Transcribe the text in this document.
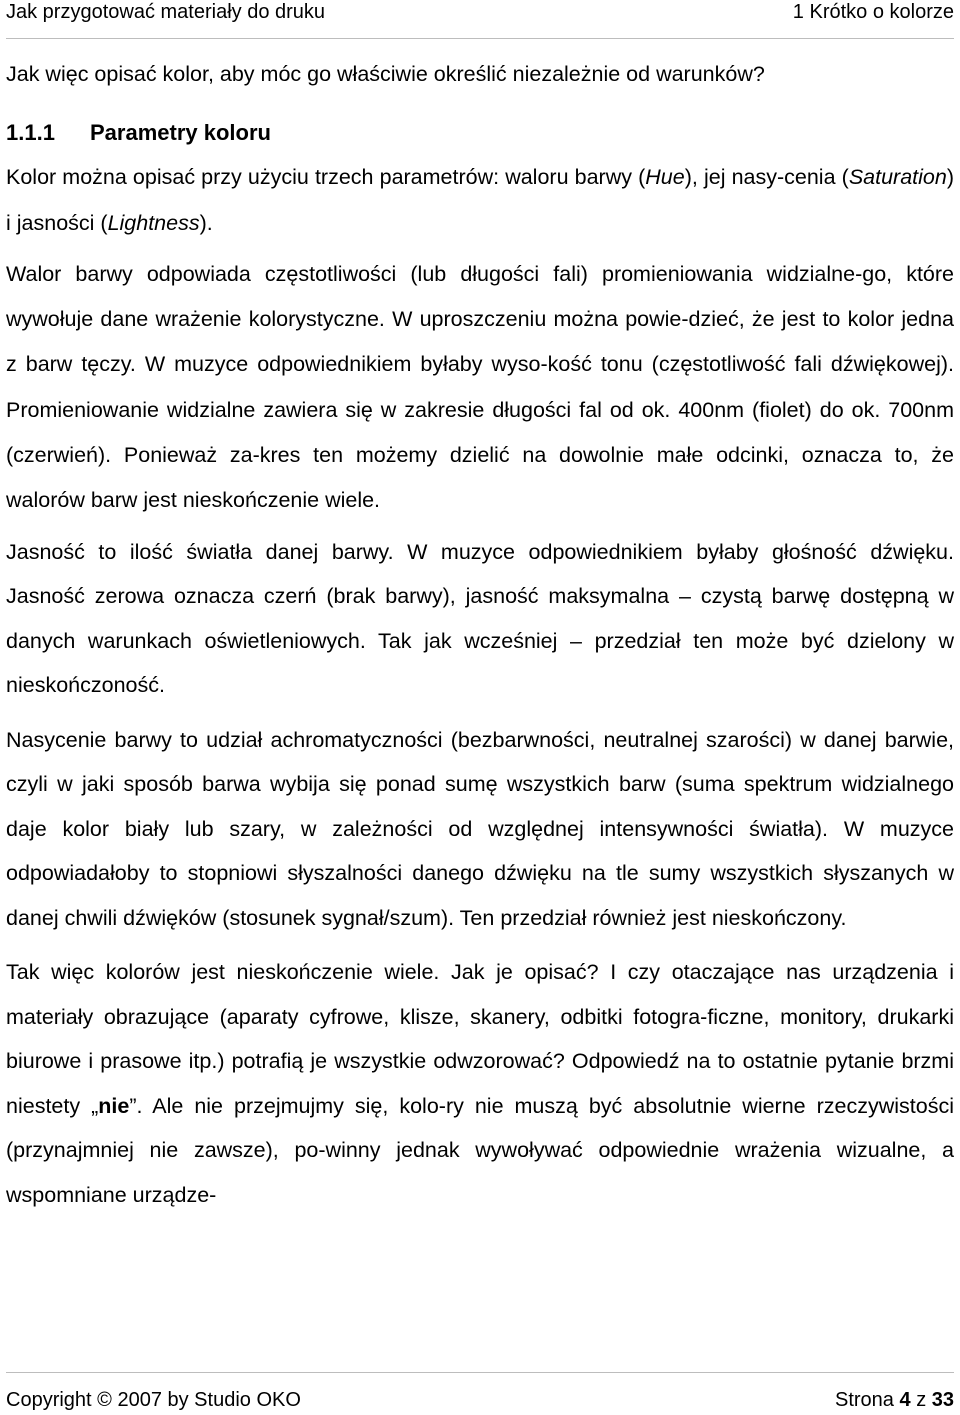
Jak przygotować materiały do druku	1 Krótko o kolorze

Jak więc opisać kolor, aby móc go właściwie określić niezależnie od warunków?

1.1.1 Parametry koloru

Kolor można opisać przy użyciu trzech parametrów: waloru barwy (Hue), jej nasy-cenia (Saturation) i jasności (Lightness).

Walor barwy odpowiada częstotliwości (lub długości fali) promieniowania widzialne-go, które wywołuje dane wrażenie kolorystyczne. W uproszczeniu można powie-dzieć, że jest to kolor jedna z barw tęczy. W muzyce odpowiednikiem byłaby wyso-kość tonu (częstotliwość fali dźwiękowej). Promieniowanie widzialne zawiera się w zakresie długości fal od ok. 400nm (fiolet) do ok. 700nm (czerwień). Ponieważ za-kres ten możemy dzielić na dowolnie małe odcinki, oznacza to, że walorów barw jest nieskończenie wiele.

Jasność to ilość światła danej barwy. W muzyce odpowiednikiem byłaby głośność dźwięku. Jasność zerowa oznacza czerń (brak barwy), jasność maksymalna – czystą barwę dostępną w danych warunkach oświetleniowych. Tak jak wcześniej – przedział ten może być dzielony w nieskończoność.

Nasycenie barwy to udział achromatyczności (bezbarwności, neutralnej szarości) w danej barwie, czyli w jaki sposób barwa wybija się ponad sumę wszystkich barw (suma spektrum widzialnego daje kolor biały lub szary, w zależności od względnej intensywności światła). W muzyce odpowiadałoby to stopniowi słyszalności danego dźwięku na tle sumy wszystkich słyszanych w danej chwili dźwięków (stosunek sygnał/szum). Ten przedział również jest nieskończony.

Tak więc kolorów jest nieskończenie wiele. Jak je opisać? I czy otaczające nas urządzenia i materiały obrazujące (aparaty cyfrowe, klisze, skanery, odbitki fotogra-ficzne, monitory, drukarki biurowe i prasowe itp.) potrafią je wszystkie odwzorować? Odpowiedź na to ostatnie pytanie brzmi niestety „nie”. Ale nie przejmujmy się, kolo-ry nie muszą być absolutnie wierne rzeczywistości (przynajmniej nie zawsze), po-winny jednak wywoływać odpowiednie wrażenia wizualne, a wspomniane urządze-

Copyright © 2007 by Studio OKO	Strona 4 z 33
